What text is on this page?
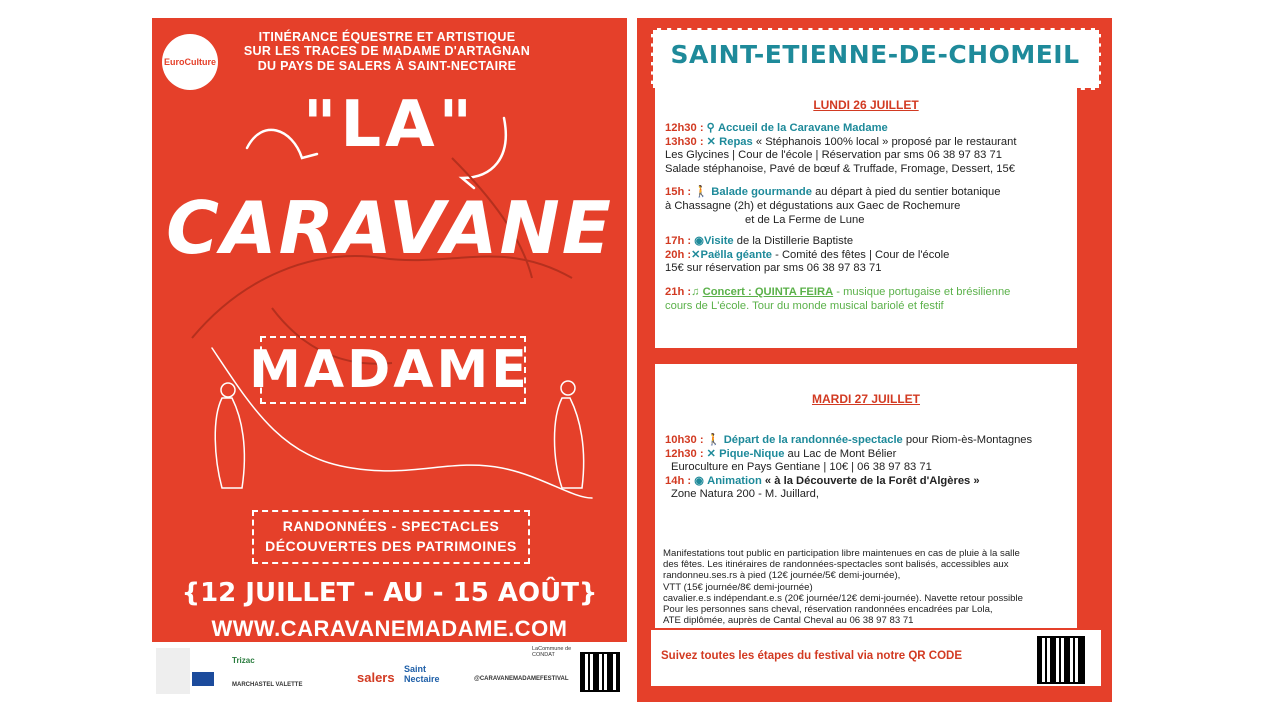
EuroCulture
ITINÉRANCE ÉQUESTRE ET ARTISTIQUE
SUR LES TRACES DE MADAME D'ARTAGNAN
DU PAYS DE SALERS À SAINT-NECTAIRE
"LA"
CARAVANE
MADAME
RANDONNÉES - SPECTACLES
DÉCOUVERTES DES PATRIMOINES
{12 JUILLET - AU - 15 AOÛT}
WWW.CARAVANEMADAME.COM
Trizac
MARCHASTEL VALETTE	salers
Saint Nectaire
LaCommune de CONDAT
@CARAVANEMADAMEFESTIVAL
SAINT-ETIENNE-DE-CHOMEIL
LUNDI 26 JUILLET
12h30 : ⚲ Accueil de la Caravane Madame
13h30 : ✕ Repas « Stéphanois 100% local » proposé par le restaurant
Les Glycines | Cour de l'école | Réservation par sms 06 38 97 83 71
Salade stéphanoise, Pavé de bœuf & Truffade, Fromage, Dessert, 15€
15h : 🚶 Balade gourmande au départ à pied du sentier botanique
à Chassagne (2h) et dégustations aux Gaec de Rochemure
et de La Ferme de Lune
17h : ◉Visite de la Distillerie Baptiste
20h :✕Paëlla géante - Comité des fêtes | Cour de l'école
15€ sur réservation par sms 06 38 97 83 71
21h :♫ Concert : QUINTA FEIRA - musique portugaise et brésilienne
cours de L'école. Tour du monde musical bariolé et festif
MARDI 27 JUILLET
10h30 : 🚶 Départ de la randonnée-spectacle pour Riom-ès-Montagnes
12h30 : ✕ Pique-Nique au Lac de Mont Bélier
Euroculture en Pays Gentiane | 10€ | 06 38 97 83 71
14h : ◉ Animation « à la Découverte de la Forêt d'Algères »
Zone Natura 200 - M. Juillard,
Manifestations tout public en participation libre maintenues en cas de pluie à la salle
des fêtes. Les itinéraires de randonnées-spectacles sont balisés, accessibles aux
randonneu.ses.rs à pied (12€ journée/5€ demi-journée),
VTT (15€ journée/8€ demi-journée)
cavalier.e.s indépendant.e.s (20€ journée/12€ demi-journée). Navette retour possible
Pour les personnes sans cheval, réservation randonnées encadrées par Lola,
ATE diplômée, auprès de Cantal Cheval au 06 38 97 83 71
Suivez toutes les étapes du festival via notre QR CODE
